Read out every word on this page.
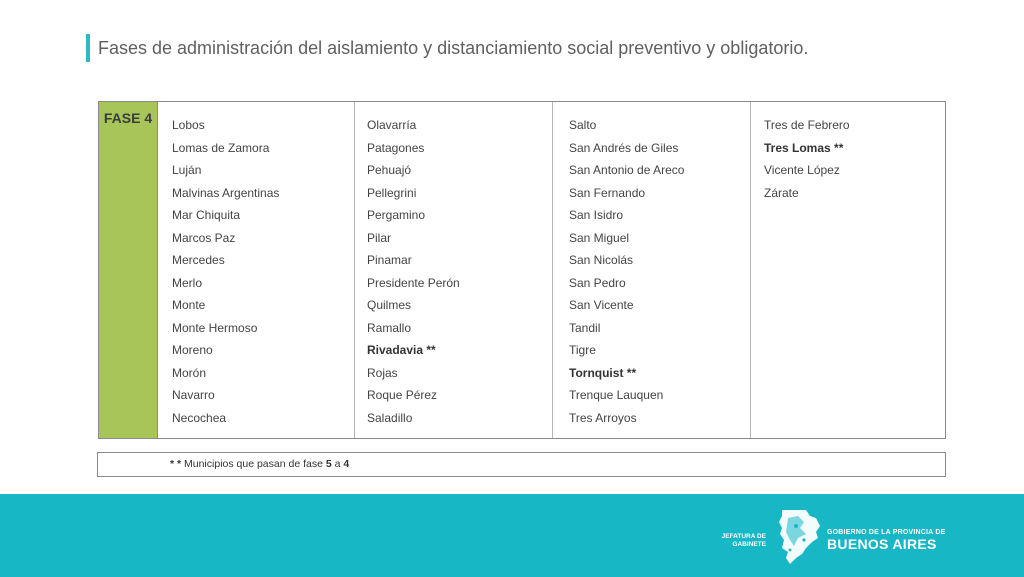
Fases de administración del aislamiento y distanciamiento social preventivo y obligatorio.
FASE 4	Lobos
Lomas de Zamora
Luján
Malvinas Argentinas
Mar Chiquita
Marcos Paz
Mercedes
Merlo
Monte
Monte Hermoso
Moreno
Morón
Navarro
Necochea
Olavarría
Patagones
Pehuajó
Pellegrini
Pergamino
Pilar
Pinamar
Presidente Perón
Quilmes
Ramallo
Rivadavia **
Rojas
Roque Pérez
Saladillo
Salto
San Andrés de Giles
San Antonio de Areco
San Fernando
San Isidro
San Miguel
San Nicolás
San Pedro
San Vicente
Tandil
Tigre
Tornquist **
Trenque Lauquen
Tres Arroyos
Tres de Febrero
Tres Lomas **
Vicente López
Zárate
* * Municipios que pasan de fase 5 a 4
JEFATURA DE
GABINETE
GOBIERNO DE LA PROVINCIA DE
BUENOS AIRES
